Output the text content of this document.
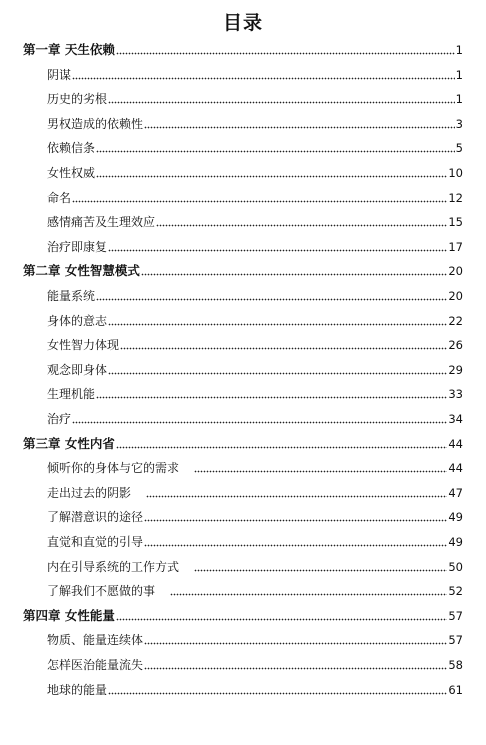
目录
第一章 天生依赖	1
阴谋	1
历史的劣根	1
男权造成的依赖性	3
依赖信条	5
女性权威	10
命名	12
感情痛苦及生理效应	15
治疗即康复	17
第二章 女性智慧模式	20
能量系统	20
身体的意志	22
女性智力体现	26
观念即身体	29
生理机能	33
治疗	34
第三章 女性内省	44
倾听你的身体与它的需求	44
走出过去的阴影	47
了解潜意识的途径	49
直觉和直觉的引导	49
内在引导系统的工作方式	50
了解我们不愿做的事	52
第四章 女性能量	57
物质、能量连续体	57
怎样医治能量流失	58
地球的能量	61
